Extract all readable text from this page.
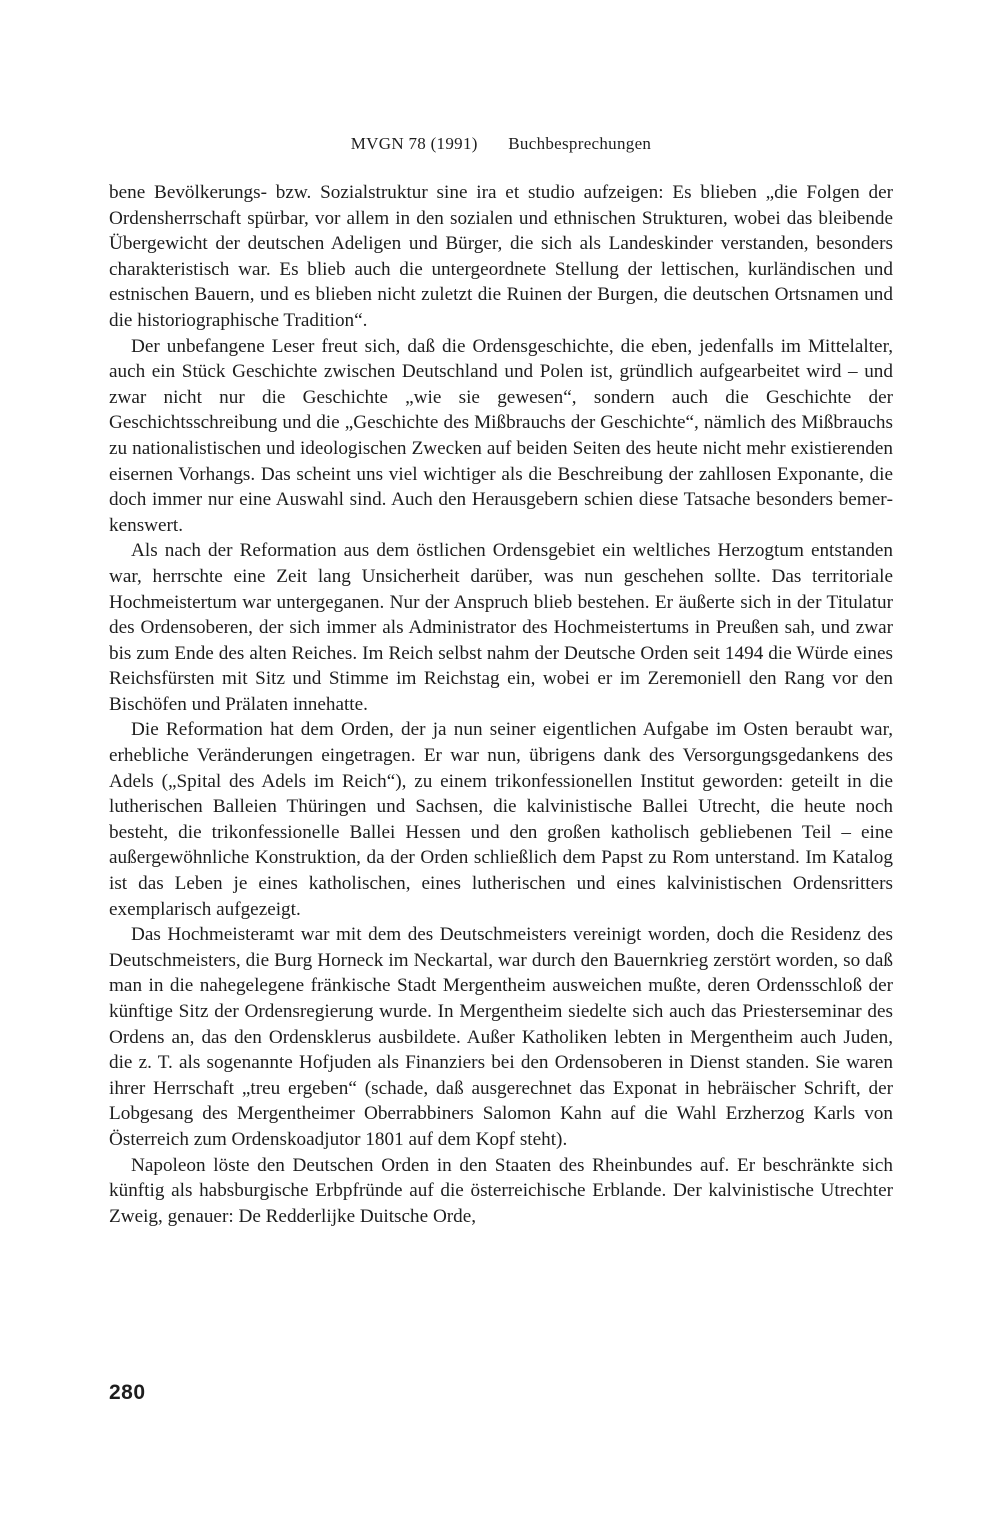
MVGN 78 (1991) Buchbesprechungen

bene Bevölkerungs- bzw. Sozialstruktur sine ira et studio aufzeigen: Es blieben „die Folgen der Ordensherrschaft spürbar, vor allem in den sozialen und ethnischen Strukturen, wobei das bleibende Übergewicht der deutschen Adeligen und Bürger, die sich als Landeskinder verstanden, besonders charakteristisch war. Es blieb auch die untergeordnete Stellung der lettischen, kurländischen und estnischen Bauern, und es blieben nicht zuletzt die Ruinen der Burgen, die deutschen Ortsnamen und die historiographische Tradition“.

Der unbefangene Leser freut sich, daß die Ordensgeschichte, die eben, jedenfalls im Mittelalter, auch ein Stück Geschichte zwischen Deutschland und Polen ist, gründlich aufgearbeitet wird – und zwar nicht nur die Geschichte „wie sie gewesen“, sondern auch die Geschichte der Geschichtsschreibung und die „Geschichte des Mißbrauchs der Geschichte“, nämlich des Mißbrauchs zu nationalistischen und ideologischen Zwecken auf beiden Seiten des heute nicht mehr existierenden eisernen Vorhangs. Das scheint uns viel wichtiger als die Beschreibung der zahllosen Exponante, die doch immer nur eine Auswahl sind. Auch den Herausgebern schien diese Tatsache besonders bemerkenswert.

Als nach der Reformation aus dem östlichen Ordensgebiet ein weltliches Herzogtum entstanden war, herrschte eine Zeit lang Unsicherheit darüber, was nun geschehen sollte. Das territoriale Hochmeistertum war untergeganen. Nur der Anspruch blieb bestehen. Er äußerte sich in der Titulatur des Ordensoberen, der sich immer als Administrator des Hochmeistertums in Preußen sah, und zwar bis zum Ende des alten Reiches. Im Reich selbst nahm der Deutsche Orden seit 1494 die Würde eines Reichsfürsten mit Sitz und Stimme im Reichstag ein, wobei er im Zeremoniell den Rang vor den Bischöfen und Prälaten innehatte.

Die Reformation hat dem Orden, der ja nun seiner eigentlichen Aufgabe im Osten beraubt war, erhebliche Veränderungen eingetragen. Er war nun, übrigens dank des Versorgungsgedankens des Adels („Spital des Adels im Reich“), zu einem trikonfessionellen Institut geworden: geteilt in die lutherischen Balleien Thüringen und Sachsen, die kalvinistische Ballei Utrecht, die heute noch besteht, die trikonfessionelle Ballei Hessen und den großen katholisch gebliebenen Teil – eine außergewöhnliche Konstruktion, da der Orden schließlich dem Papst zu Rom unterstand. Im Katalog ist das Leben je eines katholischen, eines lutherischen und eines kalvinistischen Ordensritters exemplarisch aufgezeigt.

Das Hochmeisteramt war mit dem des Deutschmeisters vereinigt worden, doch die Residenz des Deutschmeisters, die Burg Horneck im Neckartal, war durch den Bauernkrieg zerstört worden, so daß man in die nahegelegene fränkische Stadt Mergentheim ausweichen mußte, deren Ordensschloß der künftige Sitz der Ordensregierung wurde. In Mergentheim siedelte sich auch das Priesterseminar des Ordens an, das den Ordensklerus ausbildete. Außer Katholiken lebten in Mergentheim auch Juden, die z. T. als sogenannte Hofjuden als Finanziers bei den Ordensoberen in Dienst standen. Sie waren ihrer Herrschaft „treu ergeben“ (schade, daß ausgerechnet das Exponat in hebräischer Schrift, der Lobgesang des Mergentheimer Oberrabbiners Salomon Kahn auf die Wahl Erzherzog Karls von Österreich zum Ordenskoadjutor 1801 auf dem Kopf steht).

Napoleon löste den Deutschen Orden in den Staaten des Rheinbundes auf. Er beschränkte sich künftig als habsburgische Erbpfründe auf die österreichische Erblande. Der kalvinistische Utrechter Zweig, genauer: De Redderlijke Duitsche Orde,

280
